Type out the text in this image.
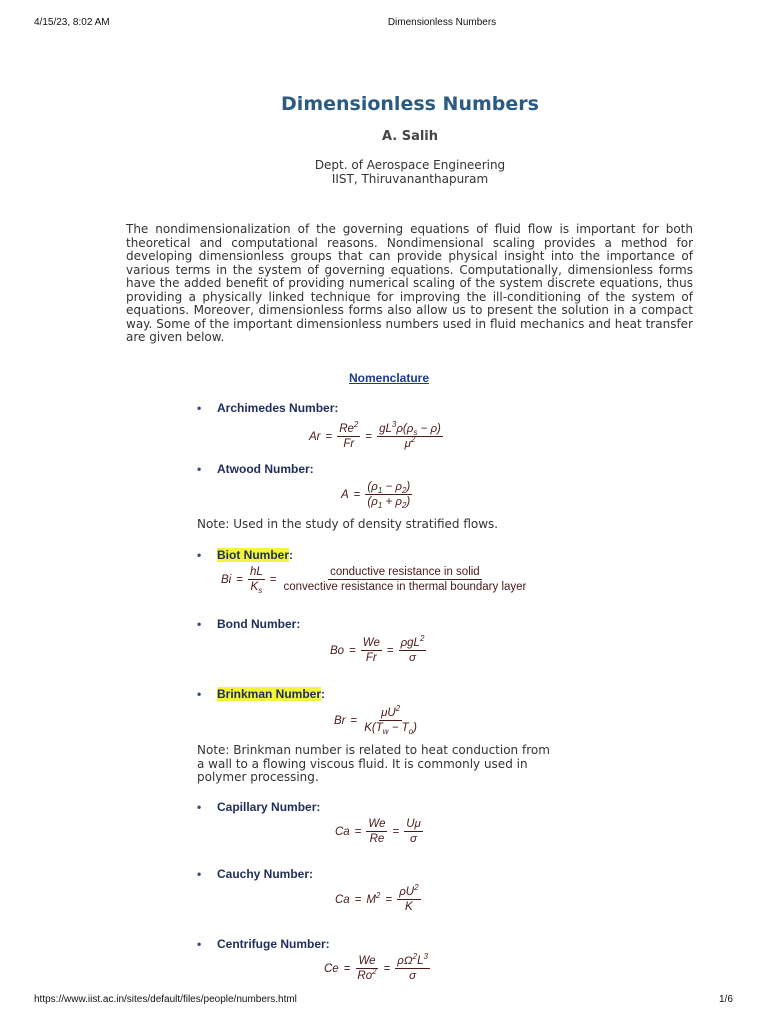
4/15/23, 8:02 AM	Dimensionless Numbers
Dimensionless Numbers
A. Salih
Dept. of Aerospace Engineering
IIST, Thiruvananthapuram

The nondimensionalization of the governing equations of fluid flow is important for both theoretical and computational reasons. Nondimensional scaling provides a method for developing dimensionless groups that can provide physical insight into the importance of various terms in the system of governing equations. Computationally, dimensionless forms have the added benefit of providing numerical scaling of the system discrete equations, thus providing a physically linked technique for improving the ill-conditioning of the system of equations. Moreover, dimensionless forms also allow us to present the solution in a compact way. Some of the important dimensionless numbers used in fluid mechanics and heat transfer are given below.

Nomenclature
• Archimedes Number:
$Ar = \frac{Re^2}{Fr} = \frac{gL^3\rho(\rho_s - \rho)}{\mu^2}$
• Atwood Number:
$A = \frac{(\rho_1 - \rho_2)}{(\rho_1 + \rho_2)}$
Note: Used in the study of density stratified flows.
• Biot Number:
$Bi = \frac{hL}{K_s} = \frac{\text{conductive resistance in solid}}{\text{convective resistance in thermal boundary layer}}$
• Bond Number:
$Bo = \frac{We}{Fr} = \frac{\rho gL^2}{\sigma}$
• Brinkman Number:
$Br = \frac{\mu U^2}{K(T_w - T_o)}$
Note: Brinkman number is related to heat conduction from
a wall to a flowing viscous fluid. It is commonly used in
polymer processing.
• Capillary Number:
$Ca = \frac{We}{Re} = \frac{U\mu}{\sigma}$
• Cauchy Number:
$Ca = M^2 = \frac{\rho U^2}{K}$
• Centrifuge Number:
$Ce = \frac{We}{Ro^2} = \frac{\rho\Omega^2L^3}{\sigma}$
https://www.iist.ac.in/sites/default/files/people/numbers.html	1/6
